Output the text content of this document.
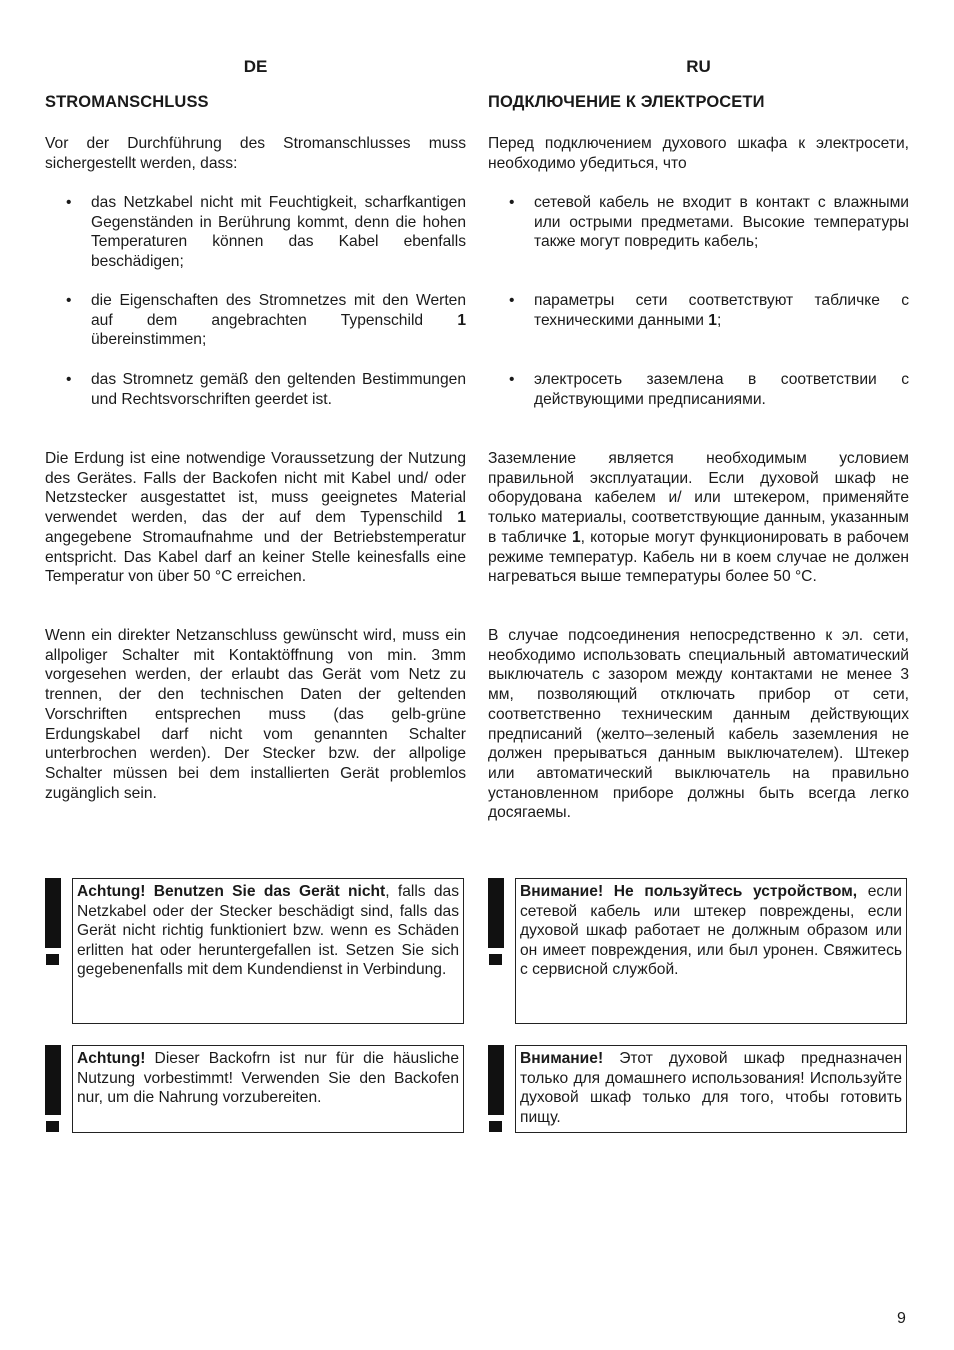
DE
STROMANSCHLUSS

Vor der Durchführung des Stromanschlusses muss sichergestellt werden, dass:

• das Netzkabel nicht mit Feuchtigkeit, scharfkantigen Gegenständen in Berührung kommt, denn die hohen Temperaturen können das Kabel ebenfalls beschädigen;
• die Eigenschaften des Stromnetzes mit den Werten auf dem angebrachten Typenschild 1 übereinstimmen;
• das Stromnetz gemäß den geltenden Bestimmungen und Rechtsvorschriften geerdet ist.

Die Erdung ist eine notwendige Voraussetzung der Nutzung des Gerätes. Falls der Backofen nicht mit Kabel und/ oder Netzstecker ausgestattet ist, muss geeignetes Material verwendet werden, das der auf dem Typenschild 1 angegebene Stromaufnahme und der Betriebstemperatur entspricht. Das Kabel darf an keiner Stelle keinesfalls eine Temperatur von über 50 °C erreichen.

Wenn ein direkter Netzanschluss gewünscht wird, muss ein allpoliger Schalter mit Kontaktöffnung von min. 3mm vorgesehen werden, der erlaubt das Gerät vom Netz zu trennen, der den technischen Daten der geltenden Vorschriften entsprechen muss (das gelb-grüne Erdungskabel darf nicht vom genannten Schalter unterbrochen werden). Der Stecker bzw. der allpolige Schalter müssen bei dem installierten Gerät problemlos zugänglich sein.

Achtung! Benutzen Sie das Gerät nicht, falls das Netzkabel oder der Stecker beschädigt sind, falls das Gerät nicht richtig funktioniert bzw. wenn es Schäden erlitten hat oder heruntergefallen ist. Setzen Sie sich gegebenenfalls mit dem Kundendienst in Verbindung.
Achtung! Dieser Backofrn ist nur für die häusliche Nutzung vorbestimmt! Verwenden Sie den Backofen nur, um die Nahrung vorzubereiten.
RU
ПОДКЛЮЧЕНИЕ К ЭЛЕКТРОСЕТИ

Перед подключением духового шкафа к электросети, необходимо убедиться, что

• сетевой кабель не входит в контакт с влажными или острыми предметами. Высокие температуры также могут повредить кабель;
• параметры сети соответствуют табличке с техническими данными 1;
• электросеть заземлена в соответствии с действующими предписаниями.

Заземление является необходимым условием правильной эксплуатации. Если духовой шкаф не оборудована кабелем и/ или штекером, применяйте только материалы, соответствующие данным, указанным в табличке 1, которые могут функционировать в рабочем режиме температур. Кабель ни в коем случае не должен нагреваться выше температуры более 50 °C.

В случае подсоединения непосредственно к эл. сети, необходимо использовать специальный автоматический выключатель с зазором между контактами не менее 3 мм, позволяющий отключать прибор от сети, соответственно техническим данным действующих предписаний (желто–зеленый кабель заземления не должен прерываться данным выключателем). Штекер или автоматический выключатель на правильно установленном приборе должны быть всегда легко досягаемы.

Внимание! Не пользуйтесь устройством, если сетевой кабель или штекер повреждены, если духовой шкаф работает не должным образом или он имеет повреждения, или был уронен. Свяжитесь с сервисной службой.
Внимание! Этот духовой шкаф предназначен только для домашнего использования! Используйте духовой шкаф только для того, чтобы готовить пищу.
9
